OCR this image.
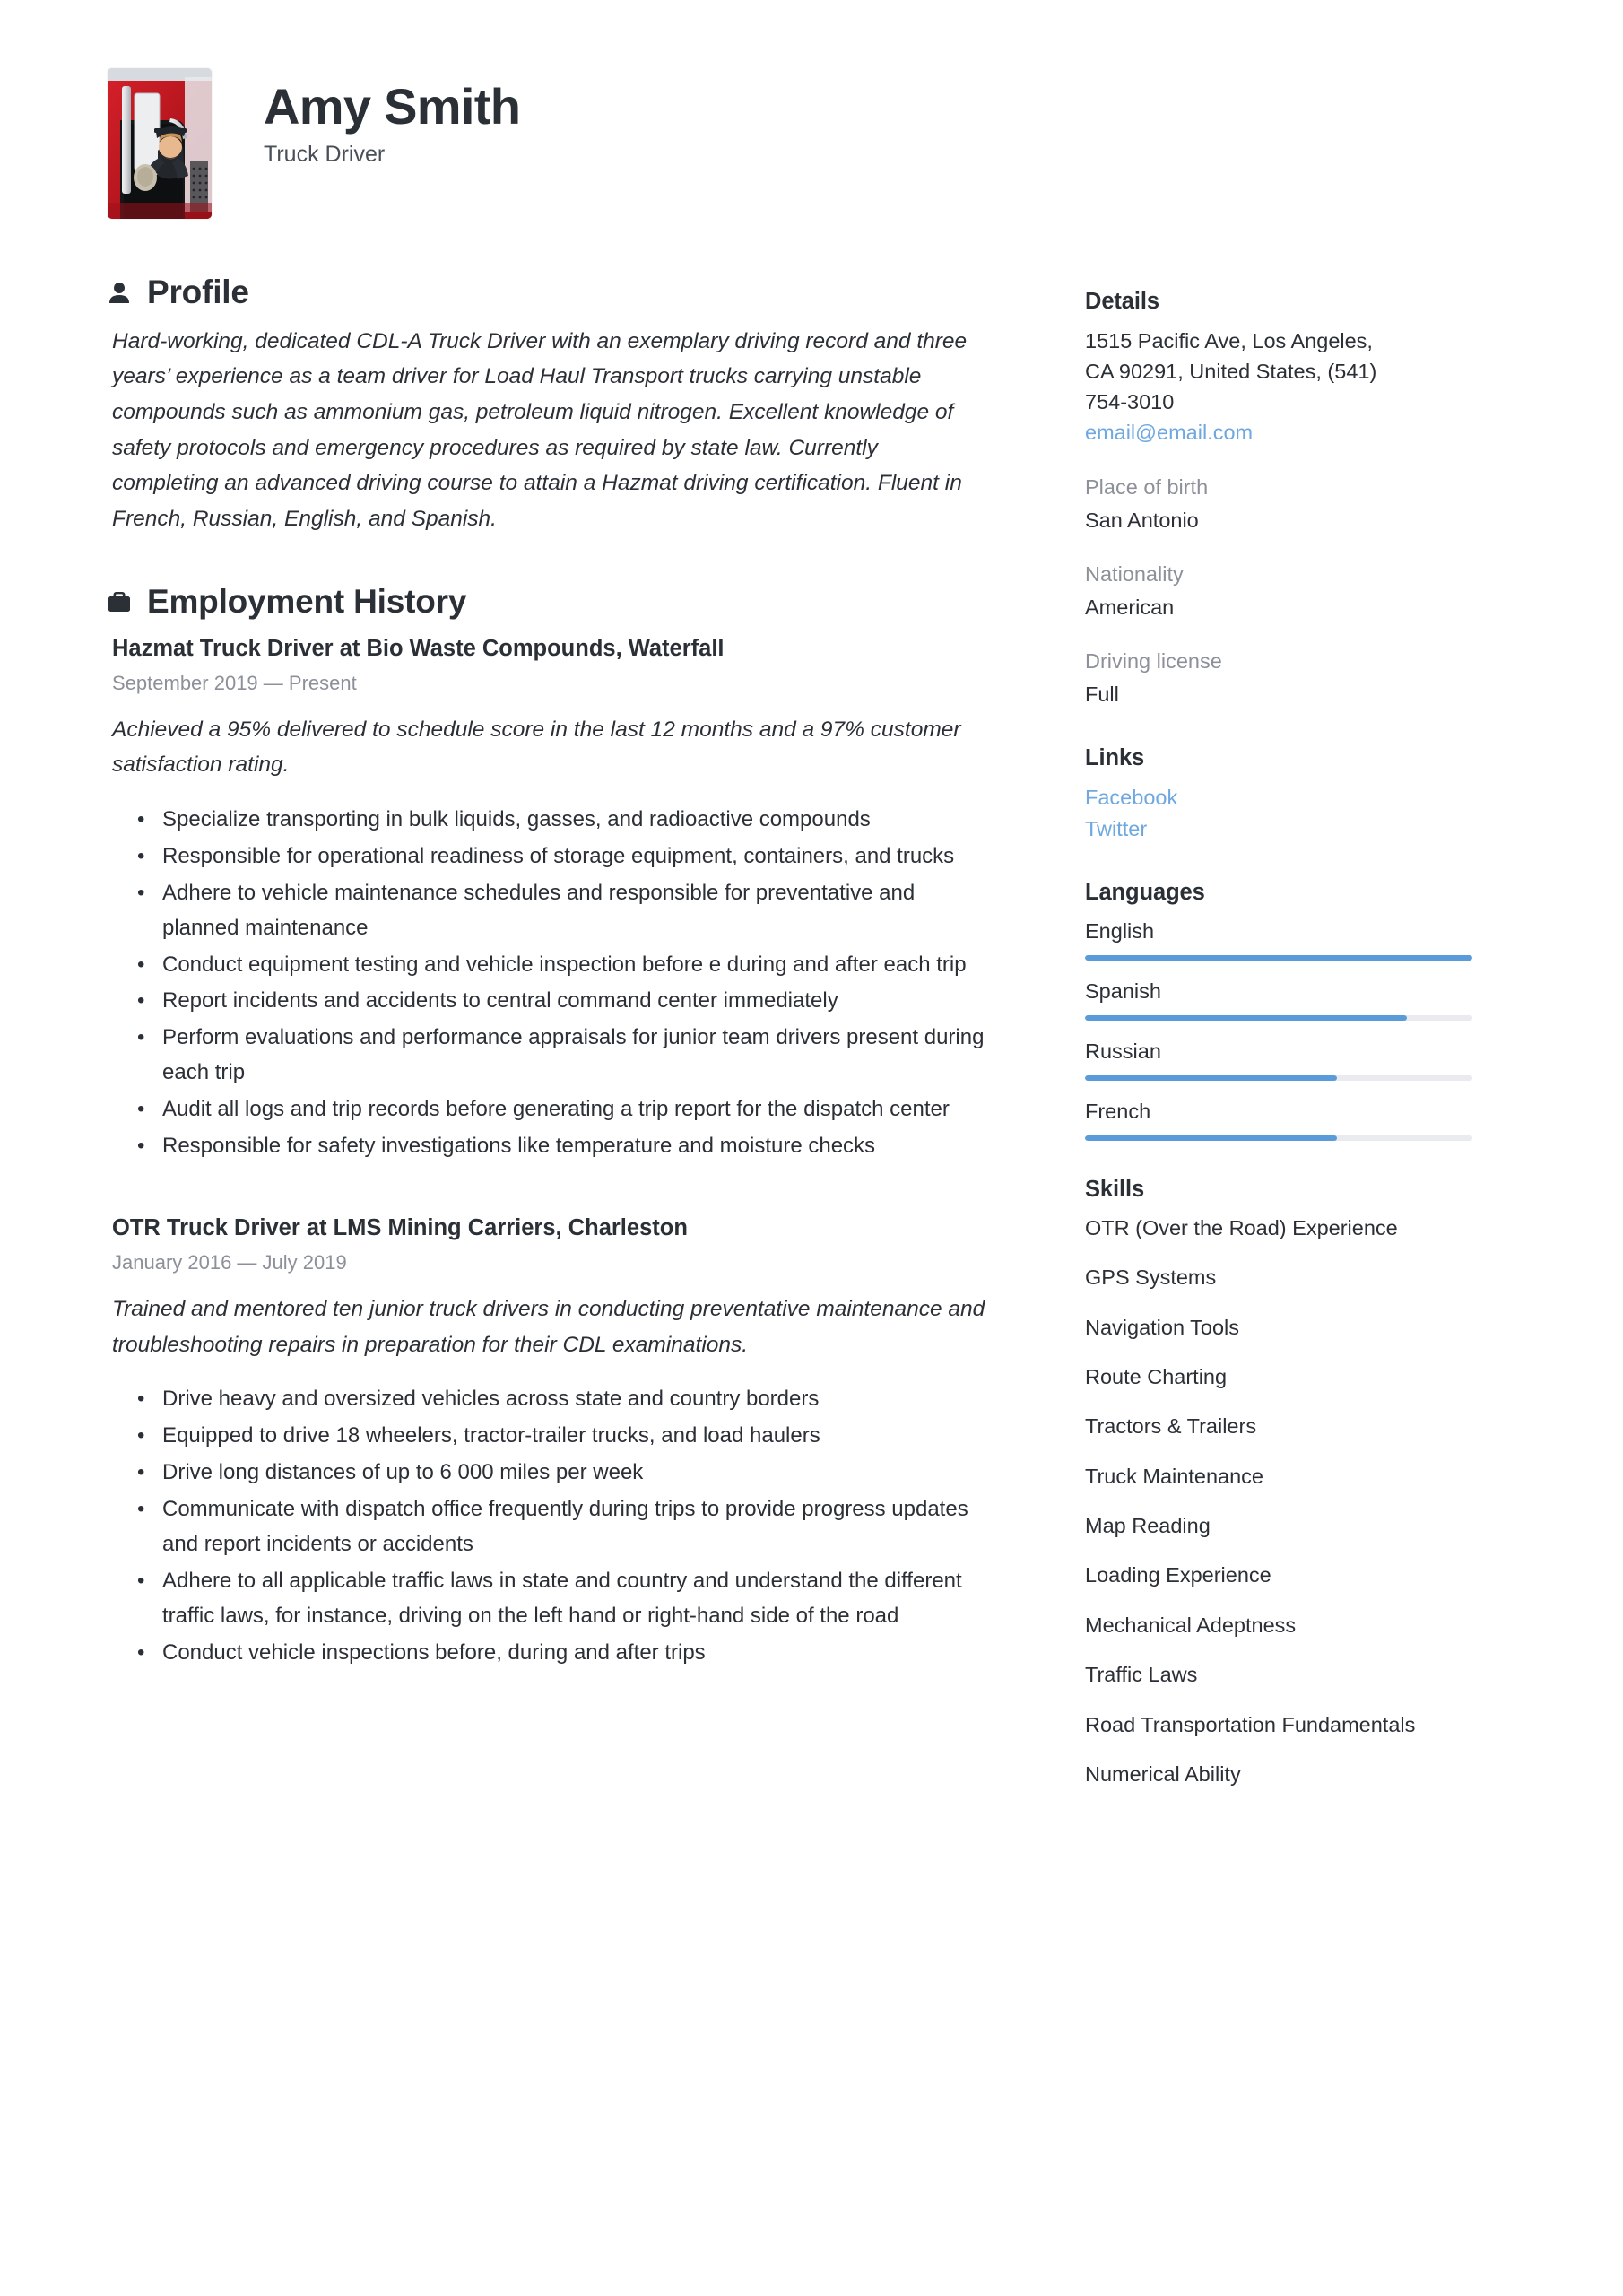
Amy Smith
Truck Driver
Profile
Hard-working, dedicated CDL-A Truck Driver with an exemplary driving record and three years’ experience as a team driver for Load Haul Transport trucks carrying unstable compounds such as ammonium gas, petroleum liquid nitrogen. Excellent knowledge of safety protocols and emergency procedures as required by state law. Currently completing an advanced driving course to attain a Hazmat driving certification. Fluent in French, Russian, English, and Spanish.
Employment History
Hazmat Truck Driver at Bio Waste Compounds, Waterfall
September 2019 — Present
Achieved a 95% delivered to schedule score in the last 12 months and a 97% customer satisfaction rating.
• Specialize transporting in bulk liquids, gasses, and radioactive compounds
• Responsible for operational readiness of storage equipment, containers, and trucks
• Adhere to vehicle maintenance schedules and responsible for preventative and planned maintenance
• Conduct equipment testing and vehicle inspection before e during and after each trip
• Report incidents and accidents to central command center immediately
• Perform evaluations and performance appraisals for junior team drivers present during each trip
• Audit all logs and trip records before generating a trip report for the dispatch center
• Responsible for safety investigations like temperature and moisture checks
OTR Truck Driver at LMS Mining Carriers, Charleston
January 2016 — July 2019
Trained and mentored ten junior truck drivers in conducting preventative maintenance and troubleshooting repairs in preparation for their CDL examinations.
• Drive heavy and oversized vehicles across state and country borders
• Equipped to drive 18 wheelers, tractor-trailer trucks, and load haulers
• Drive long distances of up to 6 000 miles per week
• Communicate with dispatch office frequently during trips to provide progress updates and report incidents or accidents
• Adhere to all applicable traffic laws in state and country and understand the different traffic laws, for instance, driving on the left hand or right-hand side of the road
• Conduct vehicle inspections before, during and after trips
Details
1515 Pacific Ave, Los Angeles,
CA 90291, United States, (541)
754-3010
email@email.com
Place of birth
San Antonio
Nationality
American
Driving license
Full
Links
Facebook
Twitter
Languages
English
Spanish
Russian
French
Skills
OTR (Over the Road) Experience
GPS Systems
Navigation Tools
Route Charting
Tractors & Trailers
Truck Maintenance
Map Reading
Loading Experience
Mechanical Adeptness
Traffic Laws
Road Transportation Fundamentals
Numerical Ability
